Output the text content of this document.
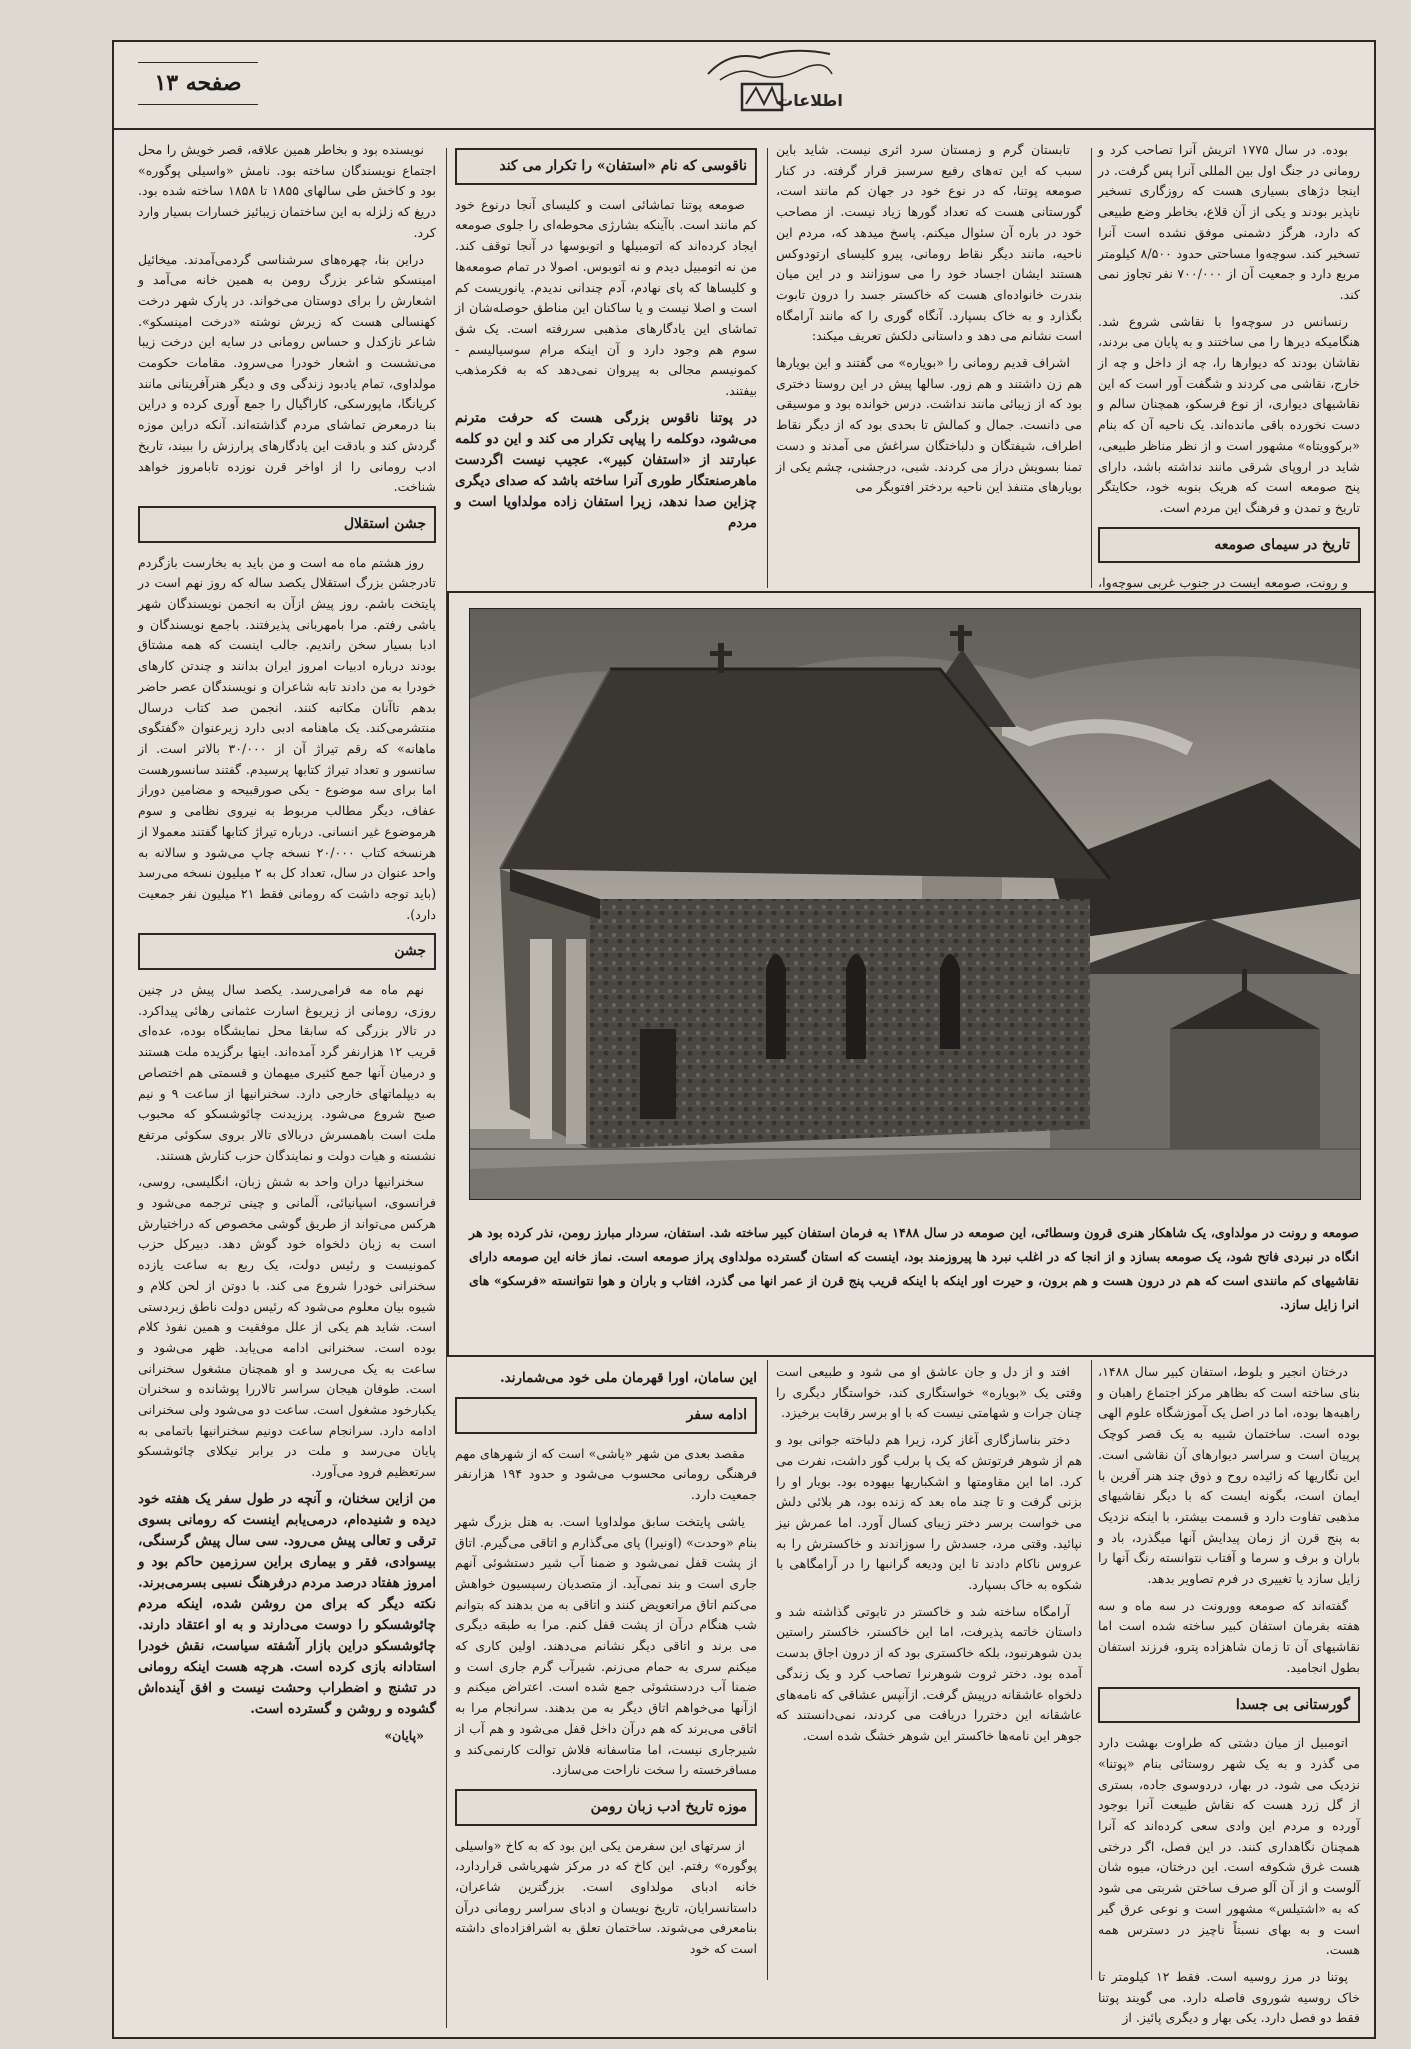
صفحه ۱۳
اطلاعات

بوده. در سال ۱۷۷۵ اتریش آنرا تصاحب کرد و رومانی در جنگ اول بین المللی آنرا پس گرفت. در اینجا دژهای بسیاری هست که روزگاری تسخیر ناپذیر بودند و یکی از آن قلاع، بخاطر وضع طبیعی که دارد، هرگز دشمنی موفق نشده است آنرا تسخیر کند. سوچه‌وا مساحتی حدود ۸/۵۰۰ کیلومتر مربع دارد و جمعیت آن از ۷۰۰/۰۰۰ نفر تجاوز نمی کند.

رنسانس در سوچه‌وا با نقاشی شروع شد. هنگامیکه دیرها را می ساختند و به پایان می بردند، نقاشان بودند که دیوارها را، چه از داخل و چه از خارج، نقاشی می کردند و شگفت آور است که این نقاشیهای دیواری، از نوع فرسکو، همچنان سالم و دست نخورده باقی مانده‌اند. یک ناحیه آن که بنام «برکوویتاه» مشهور است و از نظر مناظر طبیعی، شاید در اروپای شرقی مانند نداشته باشد، دارای پنج صومعه است که هریک بنوبه خود، حکایتگر تاریخ و تمدن و فرهنگ این مردم است.

تاریخ در سیمای صومعه

و رونت، صومعه ایست در جنوب غربی سوچه‌وا،

درختان انجیر و بلوط، استفان کبیر سال ۱۴۸۸، بنای ساخته است که بظاهر مرکز اجتماع راهبان و راهبه‌ها بوده، اما در اصل یک آموزشگاه علوم الهی بوده است. ساختمان شبیه به یک قصر کوچک پرپیان است و سراسر دیوارهای آن نقاشی است. این نگاریها که زائیده روح و ذوق چند هنر آفرین با ایمان است، بگونه ایست که با دیگر نقاشیهای مذهبی تفاوت دارد و قسمت بیشتر، با اینکه نزدیک به پنج قرن از زمان پیدایش آنها میگذرد، باد و باران و برف و سرما و آفتاب نتوانسته رنگ آنها را زایل سازد یا تغییری در فرم تصاویر بدهد.

گفته‌اند که صومعه وورونت در سه ماه و سه هفته بفرمان استفان کبیر ساخته شده است اما نقاشیهای آن تا زمان شاهزاده پترو، فرزند استفان بطول انجامید.

گورستانی بی جسدا

اتومبیل از میان دشتی که طراوت بهشت دارد می گذرد و به یک شهر روستائی بنام «پوتنا» نزدیک می شود. در بهار، دردوسوی جاده، بستری از گل زرد هست که نقاش طبیعت آنرا بوجود آورده و مردم این وادی سعی کرده‌اند که آنرا همچنان نگاهداری کنند. در این فصل، اگر درختی هست غرق شکوفه است. این درختان، میوه شان آلوست و از آن آلو صرف ساختن شربتی می شود که به «اشتیلس» مشهور است و نوعی عرق گیر است و به بهای نسبتاً ناچیز در دسترس همه هست.

پوتنا در مرز روسیه است. فقط ۱۲ کیلومتر تا خاک روسیه شوروی فاصله دارد. می گویند پوتنا فقط دو فصل دارد. یکی بهار و دیگری پائیز. از

تابستان گرم و زمستان سرد اثری نیست. شاید باین سبب که این ته‌های رفیع سرسبز قرار گرفته. در کنار صومعه پوتنا، که در نوع خود در جهان کم مانند است، گورستانی هست که تعداد گورها زیاد نیست. از مصاحب خود در باره آن سئوال میکنم. پاسخ میدهد که، مردم این ناحیه، مانند دیگر نقاط رومانی، پیرو کلیسای ارتودوکس هستند ایشان اجساد خود را می سوزانند و در این میان بندرت خانواده‌ای هست که خاکستر جسد را درون تابوت بگذارد و به خاک بسپارد. آنگاه گوری را که مانند آرامگاه است نشانم می دهد و داستانی دلکش تعریف میکند:

اشراف قدیم رومانی را «بویاره» می گفتند و این بویارها هم زن داشتند و هم زور. سالها پیش در این روستا دختری بود که از زیبائی مانند نداشت. درس خوانده بود و موسیقی می دانست. جمال و کمالش تا بحدی بود که از دیگر نقاط اطراف، شیفتگان و دلباختگان سراغش می آمدند و دست تمنا بسویش دراز می کردند. شبی، درجشنی، چشم یکی از بویارهای متنفذ این ناحیه بردختر افتوبگر می

افتد و از دل و جان عاشق او می شود و طبیعی است وقتی یک «بویاره» خواستگاری کند، خواستگار دیگری را چنان جرات و شهامتی نیست که با او برسر رقابت برخیزد.

دختر بناسازگاری آغاز کرد، زیرا هم دلباخته جوانی بود و هم از شوهر فرتوتش که یک پا برلب گور داشت، نفرت می کرد. اما این مقاومتها و اشکباریها بیهوده بود. بویار او را بزنی گرفت و تا چند ماه بعد که زنده بود، هر بلائی دلش می خواست برسر دختر زیبای کسال آورد. اما عمرش نیز نپائید. وقتی مرد، جسدش را سوزاندند و خاکسترش را به عروس ناکام دادند تا این ودیعه گرانبها را در آرامگاهی با شکوه به خاک بسپارد.

آرامگاه ساخته شد و خاکستر در تابوتی گذاشته شد و داستان خاتمه پذیرفت، اما این خاکستر، خاکستر راستین بدن شوهرنبود، بلکه خاکستری بود که از درون اجاق بدست آمده بود. دختر ثروت شوهرنرا تصاحب کرد و یک زندگی دلخواه عاشقانه درپیش گرفت. ازآنپس عشاقی که نامه‌های عاشقانه این دختررا دریافت می کردند، نمی‌دانستند که جوهر این نامه‌ها خاکستر این شوهر خشگ شده است.

ناقوسی که نام «استفان» را تکرار می کند

صومعه پوتنا تماشائی است و کلیسای آنجا درنوع خود کم مانند است. باآینکه بشارژی محوطه‌ای را جلوی صومعه ایجاد کرده‌اند که اتومبیلها و اتوبوسها در آنجا توقف کند. من نه اتومبیل دیدم و نه اتوبوس. اصولا در تمام صومعه‌ها و کلیساها که پای نهادم، آدم چندانی ندیدم. یانوریست کم است و اصلا نیست و یا ساکنان این مناطق حوصله‌شان از تماشای این یادگارهای مذهبی سررفته است. یک شق سوم هم وجود دارد و آن اینکه مرام سوسیالیسم - کمونیسم مجالی به پیروان نمی‌دهد که به فکرمذهب بیفتند.

در پوتنا ناقوس بزرگی هست که حرفت مترنم می‌شود، دوکلمه را پیاپی تکرار می کند و این دو کلمه عبارتند از «استفان کبیر». عجیب نیست اگردست ماهرصنعتگار طوری آنرا ساخته باشد که صدای دیگری چزاین صدا ندهد، زیرا استفان زاده مولداویا است و مردم
این سامان، اورا قهرمان ملی خود می‌شمارند.
ادامه سفر

مقصد بعدی من شهر «یاشی» است که از شهرهای مهم فرهنگی رومانی محسوب می‌شود و حدود ۱۹۴ هزارنفر جمعیت دارد.

یاشی پایتخت سابق مولداویا است. به هتل بزرگ شهر بنام «وحدت» (اونیرا) پای می‌گذارم و اتاقی می‌گیرم. اتاق از پشت قفل نمی‌شود و ضمنا آب شیر دستشوئی آنهم جاری است و بند نمی‌آید. از متصدیان رسپسیون خواهش می‌کنم اتاق مراتعویض کنند و اتاقی به من بدهند که بتوانم شب هنگام درآن از پشت قفل کنم. مرا به طبقه دیگری می برند و اتاقی دیگر نشانم می‌دهند. اولین کاری که میکنم سری به حمام می‌زنم. شیرآب گرم جاری است و ضمنا آب دردستشوئی جمع شده است. اعتراض میکنم و ازآنها می‌خواهم اتاق دیگر به من بدهند. سرانجام مرا به اتاقی می‌برند که هم درآن داخل قفل می‌شود و هم آب از شیرجاری نیست، اما متاسفانه فلاش توالت کارنمی‌کند و مسافرخسته را سخت ناراحت می‌سازد.

موزه تاریخ ادب زبان رومن

از سرتهای این سفرمن یکی این بود که به کاخ «واسیلی پوگوره» رفتم. این کاخ که در مرکز شهریاشی قراردارد، خانه ادبای مولداوی است. بزرگترین شاعران، داستانسرایان، تاریخ نویسان و ادبای سراسر رومانی درآن بنامعرفی می‌شوند. ساختمان تعلق به اشرافزاده‌ای داشته است که خود

نویسنده بود و بخاطر همین علاقه، قصر خویش را محل اجتماع نویسندگان ساخته بود. نامش «واسیلی پوگوره» بود و کاخش طی سالهای ۱۸۵۵ تا ۱۸۵۸ ساخته شده بود. دریغ که زلزله به این ساختمان زیبائیز خسارات بسیار وارد کرد.

دراین بنا، چهره‌های سرشناسی گردمی‌آمدند. میخائیل امینسکو شاعر بزرگ رومن به همین خانه می‌آمد و اشعارش را برای دوستان می‌خواند. در پارک شهر درخت کهنسالی هست که زیرش نوشته «درخت امینسکو». شاعر نازکدل و حساس رومانی در سایه این درخت زیبا می‌نشست و اشعار خودرا می‌سرود. مقامات حکومت مولداوی، تمام یادبود زندگی وی و دیگر هنرآفرینانی مانند کریانگا، ماپورسکی، کاراگیال را جمع آوری کرده و دراین بنا درمعرض تماشای مردم گذاشته‌اند. آنکه دراین موزه گردش کند و بادقت این یادگارهای پرارزش را ببیند، تاریخ ادب رومانی را از اواخر قرن نوزده تابامروز خواهد شناخت.

جشن استقلال

روز هشتم ماه مه است و من باید به بخارست بازگردم تادرجشن بزرگ استقلال یکصد ساله که روز نهم است در پایتخت باشم. روز پیش ازآن به انجمن نویسندگان شهر یاشی رفتم. مرا بامهربانی پذیرفتند. باجمع نویسندگان و ادبا بسیار سخن راندیم. جالب اینست که همه مشتاق بودند درباره ادبیات امروز ایران بدانند و چندتن کارهای خودرا به من دادند تابه شاعران و نویسندگان عصر حاضر بدهم تاآنان مکاتبه کنند. انجمن صد کتاب درسال منتشرمی‌کند. یک ماهنامه ادبی دارد زیرعنوان «گفتگوی ماهانه» که رقم تیراژ آن از ۳۰/۰۰۰ بالاتر است. از سانسور و تعداد تیراژ کتابها پرسیدم. گفتند سانسورهست اما برای سه موضوع - یکی صورقبیحه و مضامین دوراز عفاف، دیگر مطالب مربوط به نیروی نظامی و سوم هرموضوع غیر انسانی. درباره تیراژ کتابها گفتند معمولا از هرنسخه کتاب ۲۰/۰۰۰ نسخه چاپ می‌شود و سالانه به واحد عنوان در سال، تعداد کل به ۲ میلیون نسخه می‌رسد (باید توجه داشت که رومانی فقط ۲۱ میلیون نفر جمعیت دارد).

جشن

نهم ماه مه فرامی‌رسد. یکصد سال پیش در چنین روزی، رومانی از زیریوغ اسارت عثمانی رهائی پیداکرد. در تالار بزرگی که سابقا محل نمایشگاه بوده، عده‌ای قریب ۱۲ هزارنفر گرد آمده‌اند. اینها برگزیده ملت هستند و درمیان آنها جمع کثیری میهمان و قسمتی هم اختصاص به دیپلماتهای خارجی دارد. سخنرانیها از ساعت ۹ و نیم صبح شروع می‌شود. پرزیدنت چائوشسکو که محبوب ملت است باهمسرش دربالای تالار بروی سکوئی مرتفع نشسته و هیات دولت و نمایندگان حزب کنارش هستند.

سخنرانیها دران واحد به شش زبان، انگلیسی، روسی، فرانسوی، اسپانیائی، آلمانی و چینی ترجمه می‌شود و هرکس می‌تواند از طریق گوشی مخصوص که دراختیارش است به زبان دلخواه خود گوش دهد. دبیرکل حزب کمونیست و رئیس دولت، یک ربع به ساعت یازده سخنرانی خودرا شروع می کند. با دوتن از لحن کلام و شیوه بیان معلوم می‌شود که رئیس دولت ناطق زبردستی است. شاید هم یکی از علل موفقیت و همین نفوذ کلام بوده است. سخنرانی ادامه می‌یابد. ظهر می‌شود و ساعت به یک می‌رسد و او همچنان مشغول سخنرانی است. طوفان هیجان سراسر تالاررا پوشانده و سخنران یکبارخود مشغول است. ساعت دو می‌شود ولی سخنرانی ادامه دارد. سرانجام ساعت دونیم سخنرانیها باتمامی به پایان می‌رسد و ملت در برابر نیکلای چائوشسکو سرتعظیم فرود می‌آورد.

من ازاین سخنان، و آنچه در طول سفر یک هفته خود دیده و شنیده‌ام، درمی‌یابم اینست که رومانی بسوی ترقی و تعالی پیش می‌رود. سی سال پیش گرسنگی، بیسوادی، فقر و بیماری براین سرزمین حاکم بود و امروز هفتاد درصد مردم درفرهنگ نسبی بسرمی‌برند. نکته دیگر که برای من روشن شده، اینکه مردم چائوشسکو را دوست می‌دارند و به او اعتقاد دارند. چائوشسکو دراین بازار آشفته سیاست، نقش خودرا استادانه بازی کرده است. هرچه هست اینکه رومانی در تشنج و اضطراب وحشت نیست و افق آینده‌اش گشوده و روشن و گسترده است.

«پایان»

صومعه و رونت در مولداوی، یک شاهکار هنری قرون وسطائی، این صومعه در سال ۱۴۸۸ به فرمان استفان کبیر ساخته شد. استفان، سردار مبارز رومن، نذر کرده بود هر انگاه در نبردی فاتح شود، یک صومعه بسازد و از انجا که در اغلب نبرد ها پیروزمند بود، اینست که استان گسترده مولداوی پراز صومعه است. نماز خانه این صومعه دارای نقاشیهای کم مانندی است که هم در درون هست و هم برون، و حیرت اور اینکه با اینکه قریب پنج قرن از عمر انها می گذرد، افتاب و باران و هوا نتوانسته «فرسکو» های انرا زایل سازد.
